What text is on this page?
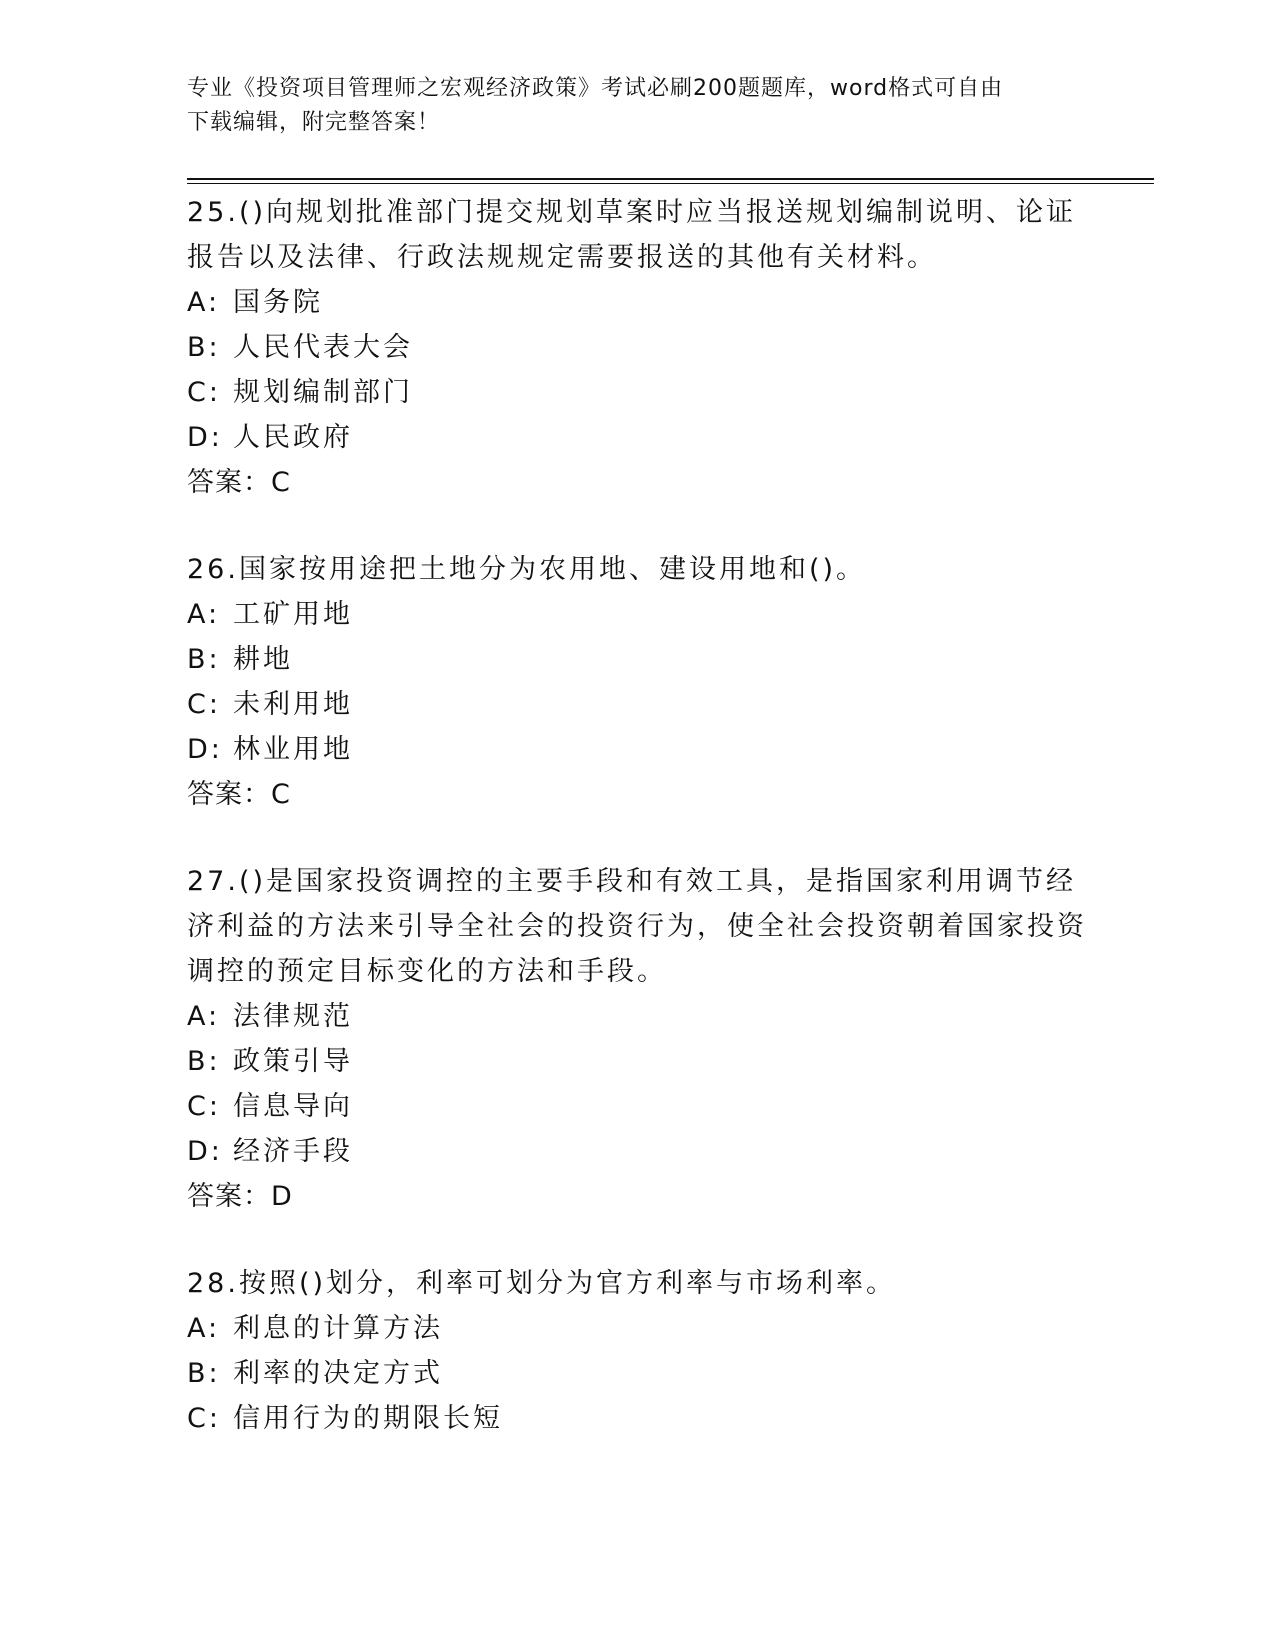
专业《投资项目管理师之宏观经济政策》考试必刷200题题库，word格式可自由
下载编辑，附完整答案！
25.()向规划批准部门提交规划草案时应当报送规划编制说明、论证报告以及法律、行政法规规定需要报送的其他有关材料。
A: 国务院
B: 人民代表大会
C: 规划编制部门
D: 人民政府
答案：C
26.国家按用途把土地分为农用地、建设用地和()。
A: 工矿用地
B: 耕地
C: 未利用地
D: 林业用地
答案：C
27.()是国家投资调控的主要手段和有效工具，是指国家利用调节经济利益的方法来引导全社会的投资行为，使全社会投资朝着国家投资调控的预定目标变化的方法和手段。
A: 法律规范
B: 政策引导
C: 信息导向
D: 经济手段
答案：D
28.按照()划分，利率可划分为官方利率与市场利率。
A: 利息的计算方法
B: 利率的决定方式
C: 信用行为的期限长短
